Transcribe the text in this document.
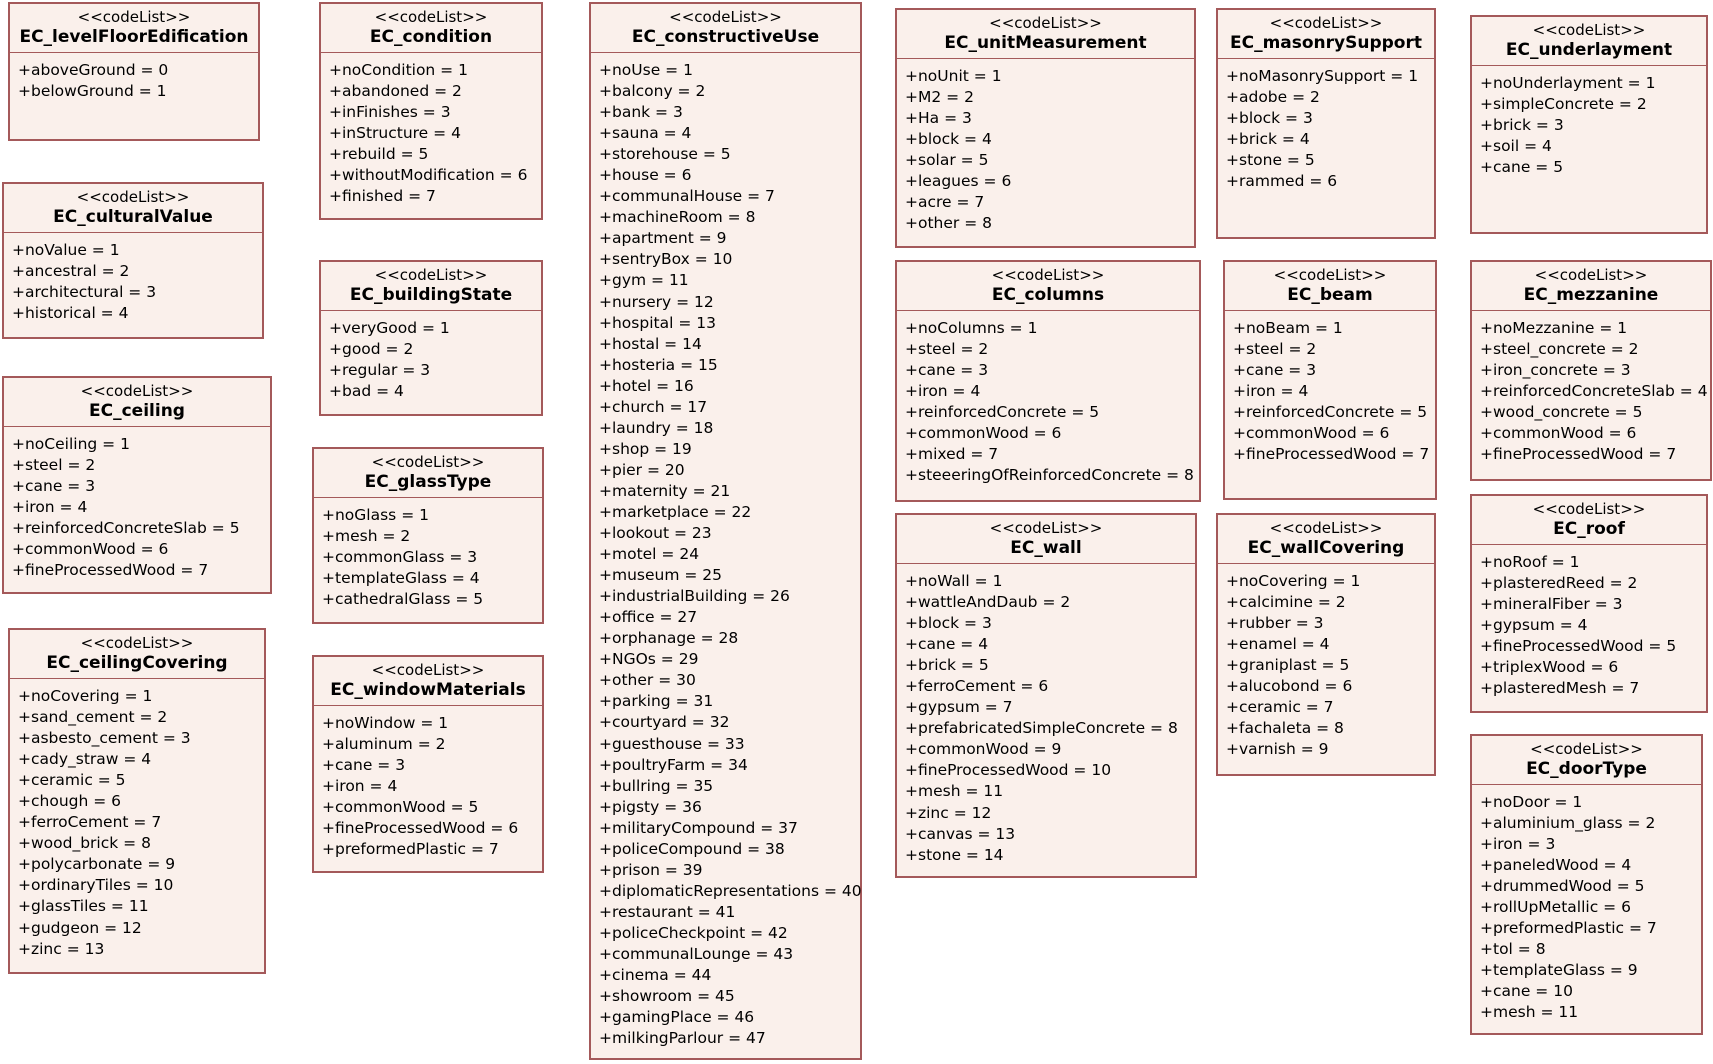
<<codeList>>
EC_levelFloorEdification
+aboveGround = 0
+belowGround = 1
<<codeList>>
EC_culturalValue
+noValue = 1
+ancestral = 2
+architectural = 3
+historical = 4
<<codeList>>
EC_ceiling
+noCeiling = 1
+steel = 2
+cane = 3
+iron = 4
+reinforcedConcreteSlab = 5
+commonWood = 6
+fineProcessedWood = 7
<<codeList>>
EC_ceilingCovering
+noCovering = 1
+sand_cement = 2
+asbesto_cement = 3
+cady_straw = 4
+ceramic = 5
+chough = 6
+ferroCement = 7
+wood_brick = 8
+polycarbonate = 9
+ordinaryTiles = 10
+glassTiles = 11
+gudgeon = 12
+zinc = 13
<<codeList>>
EC_condition
+noCondition = 1
+abandoned = 2
+inFinishes = 3
+inStructure = 4
+rebuild = 5
+withoutModification = 6
+finished = 7
<<codeList>>
EC_buildingState
+veryGood = 1
+good = 2
+regular = 3
+bad = 4
<<codeList>>
EC_glassType
+noGlass = 1
+mesh = 2
+commonGlass = 3
+templateGlass = 4
+cathedralGlass = 5
<<codeList>>
EC_windowMaterials
+noWindow = 1
+aluminum = 2
+cane = 3
+iron = 4
+commonWood = 5
+fineProcessedWood = 6
+preformedPlastic = 7
<<codeList>>
EC_constructiveUse
+noUse = 1
+balcony = 2
+bank = 3
+sauna = 4
+storehouse = 5
+house = 6
+communalHouse = 7
+machineRoom = 8
+apartment = 9
+sentryBox = 10
+gym = 11
+nursery = 12
+hospital = 13
+hostal = 14
+hosteria = 15
+hotel = 16
+church = 17
+laundry = 18
+shop = 19
+pier = 20
+maternity = 21
+marketplace = 22
+lookout = 23
+motel = 24
+museum = 25
+industrialBuilding = 26
+office = 27
+orphanage = 28
+NGOs = 29
+other = 30
+parking = 31
+courtyard = 32
+guesthouse = 33
+poultryFarm = 34
+bullring = 35
+pigsty = 36
+militaryCompound = 37
+policeCompound = 38
+prison = 39
+diplomaticRepresentations = 40
+restaurant = 41
+policeCheckpoint = 42
+communalLounge = 43
+cinema = 44
+showroom = 45
+gamingPlace = 46
+milkingParlour = 47
<<codeList>>
EC_unitMeasurement
+noUnit = 1
+M2 = 2
+Ha = 3
+block = 4
+solar = 5
+leagues = 6
+acre = 7
+other = 8
<<codeList>>
EC_columns
+noColumns = 1
+steel = 2
+cane = 3
+iron = 4
+reinforcedConcrete = 5
+commonWood = 6
+mixed = 7
+steeeringOfReinforcedConcrete = 8
<<codeList>>
EC_wall
+noWall = 1
+wattleAndDaub = 2
+block = 3
+cane = 4
+brick = 5
+ferroCement = 6
+gypsum = 7
+prefabricatedSimpleConcrete = 8
+commonWood = 9
+fineProcessedWood = 10
+mesh = 11
+zinc = 12
+canvas = 13
+stone = 14
<<codeList>>
EC_masonrySupport
+noMasonrySupport = 1
+adobe = 2
+block = 3
+brick = 4
+stone = 5
+rammed = 6
<<codeList>>
EC_beam
+noBeam = 1
+steel = 2
+cane = 3
+iron = 4
+reinforcedConcrete = 5
+commonWood = 6
+fineProcessedWood = 7
<<codeList>>
EC_wallCovering
+noCovering = 1
+calcimine = 2
+rubber = 3
+enamel = 4
+graniplast = 5
+alucobond = 6
+ceramic = 7
+fachaleta = 8
+varnish = 9
<<codeList>>
EC_underlayment
+noUnderlayment = 1
+simpleConcrete = 2
+brick = 3
+soil = 4
+cane = 5
<<codeList>>
EC_mezzanine
+noMezzanine = 1
+steel_concrete = 2
+iron_concrete = 3
+reinforcedConcreteSlab = 4
+wood_concrete = 5
+commonWood = 6
+fineProcessedWood = 7
<<codeList>>
EC_roof
+noRoof = 1
+plasteredReed = 2
+mineralFiber = 3
+gypsum = 4
+fineProcessedWood = 5
+triplexWood = 6
+plasteredMesh = 7
<<codeList>>
EC_doorType
+noDoor = 1
+aluminium_glass = 2
+iron = 3
+paneledWood = 4
+drummedWood = 5
+rollUpMetallic = 6
+preformedPlastic = 7
+tol = 8
+templateGlass = 9
+cane = 10
+mesh = 11
